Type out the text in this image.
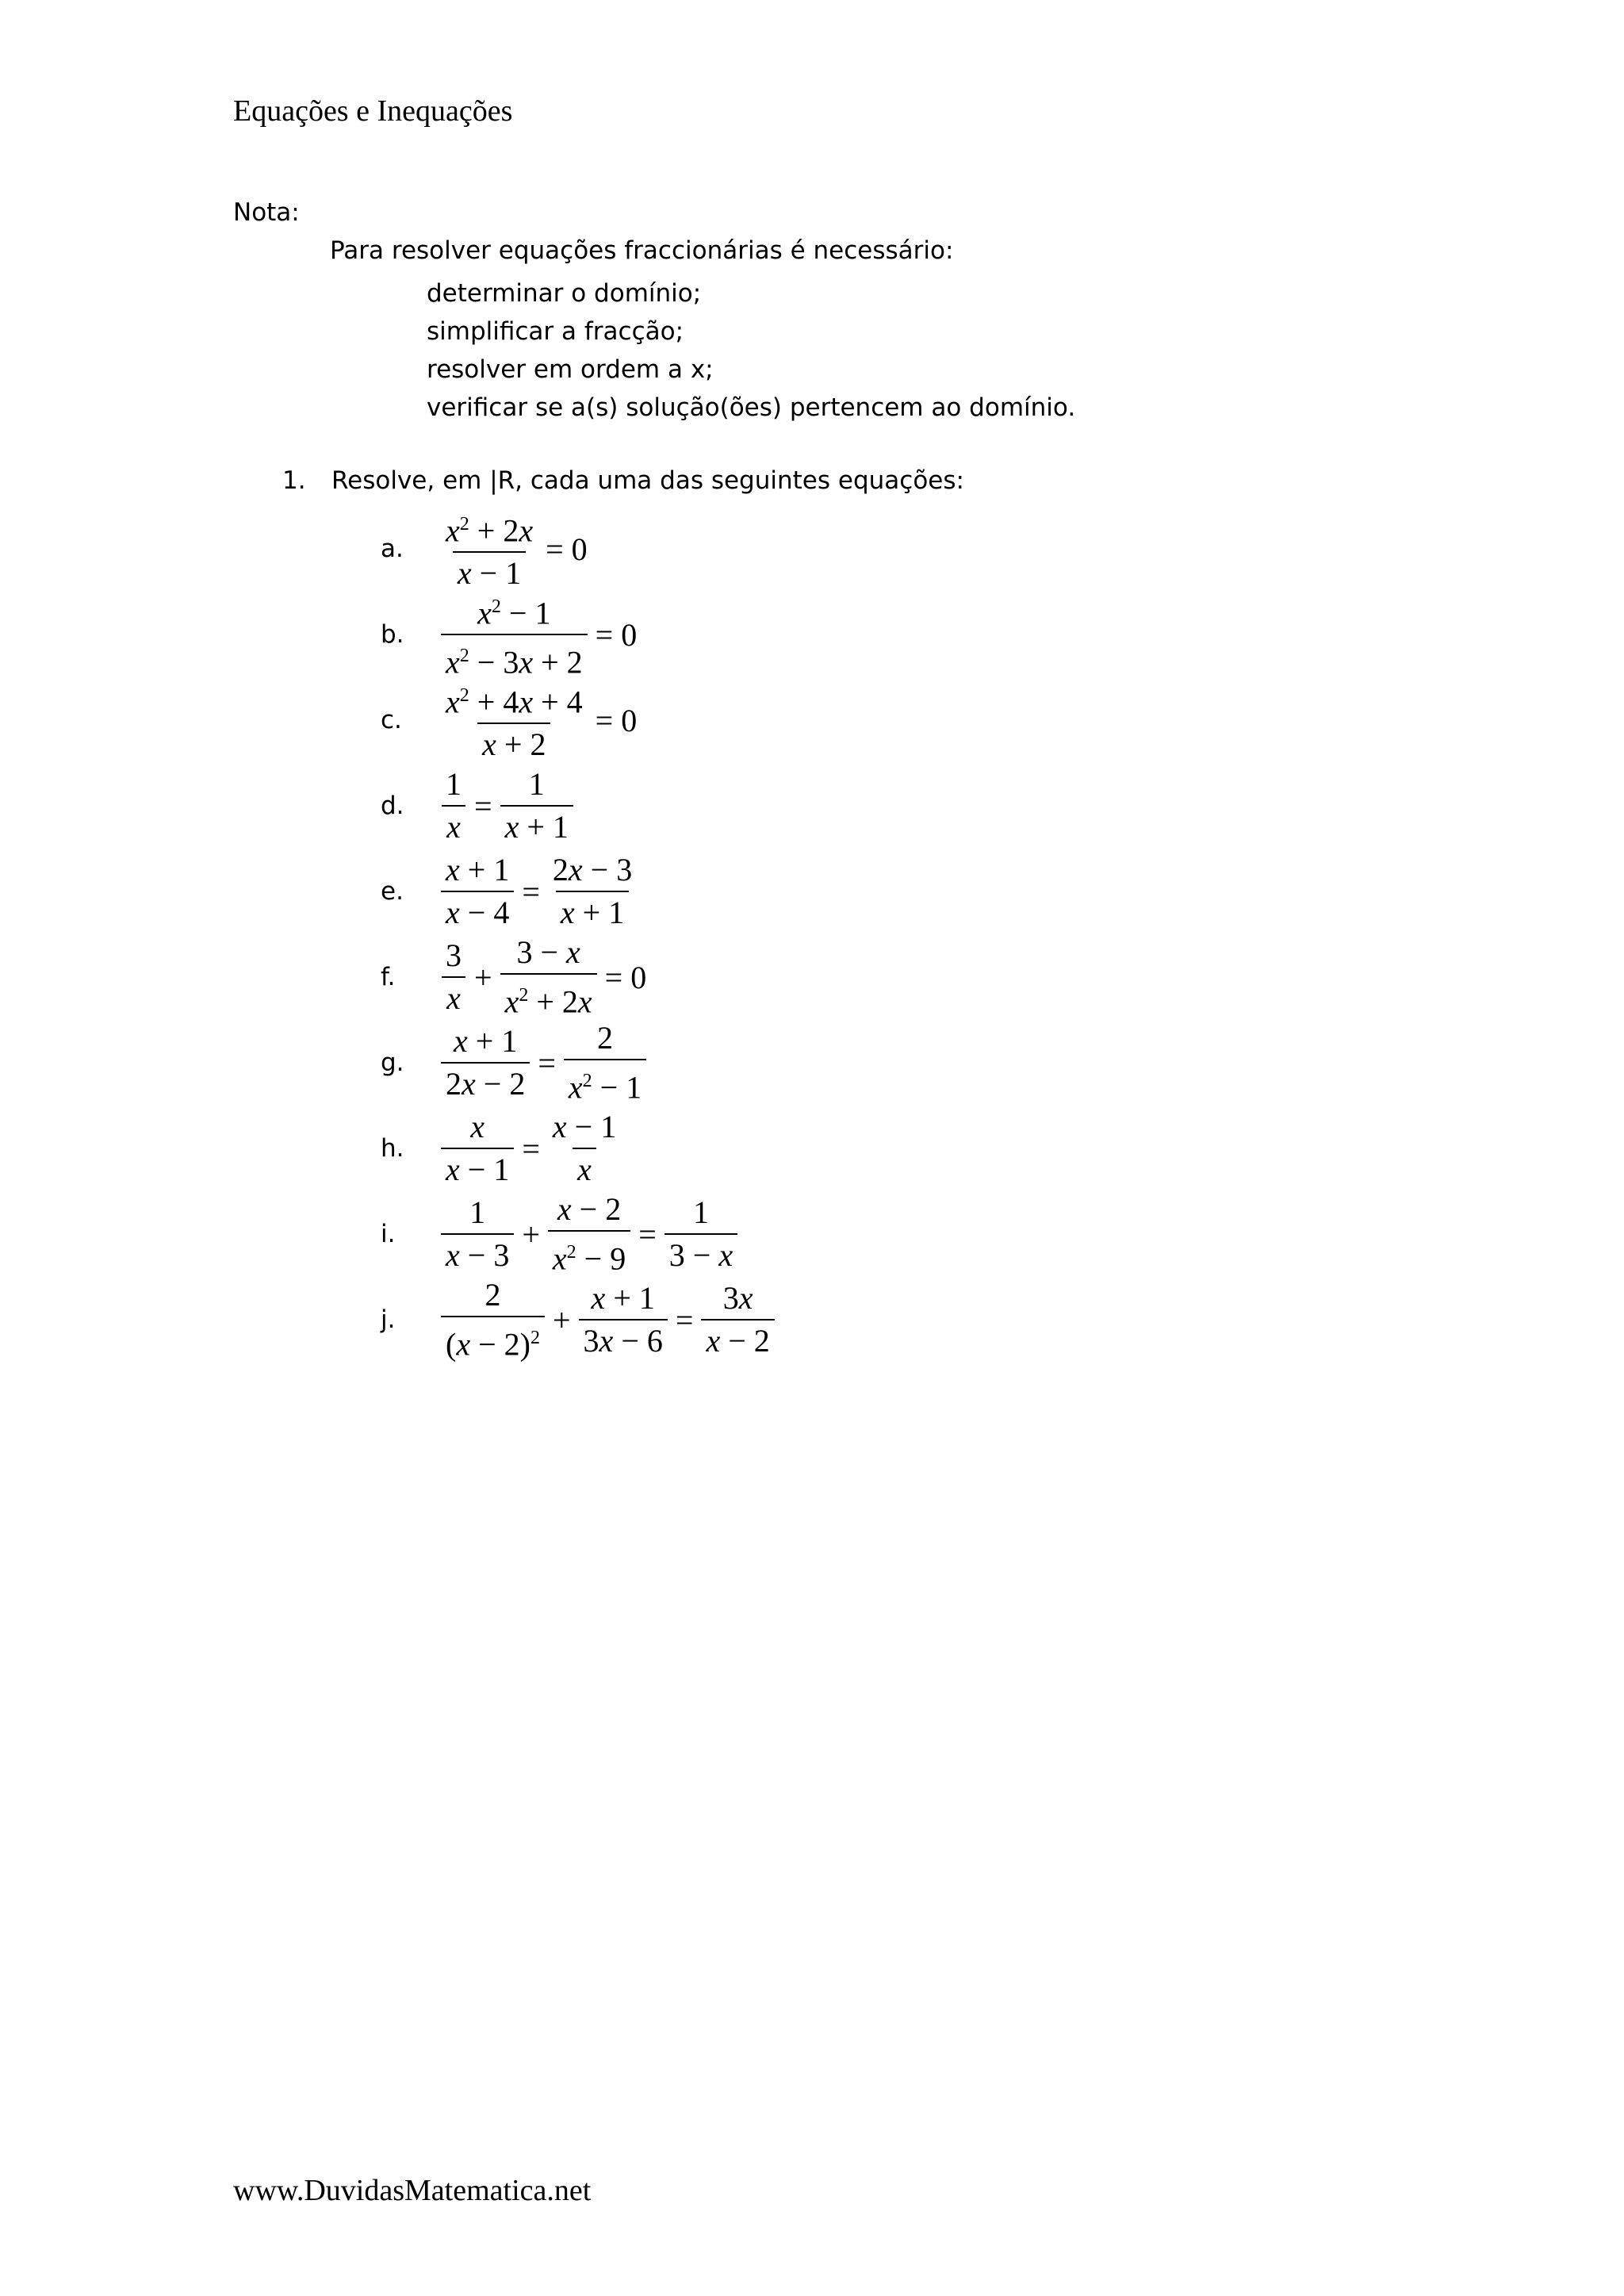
Equações e Inequações
Nota:
Para resolver equações fraccionárias é necessário:
determinar o domínio;
simplificar a fracção;
resolver em ordem a x;
verificar se a(s) solução(ões) pertencem ao domínio.
1. Resolve, em |R, cada uma das seguintes equações:
a.	$\frac{x^2 + 2x}{x - 1} = 0$
b.	$\frac{x^2 - 1}{x^2 - 3x + 2} = 0$
c.	$\frac{x^2 + 4x + 4}{x + 2} = 0$
d.	$\frac{1}{x} = \frac{1}{x + 1}$
e.	$\frac{x + 1}{x - 4} = \frac{2x - 3}{x + 1}$
f.	$\frac{3}{x} + \frac{3 - x}{x^2 + 2x} = 0$
g.	$\frac{x + 1}{2x - 2} = \frac{2}{x^2 - 1}$
h.	$\frac{x}{x - 1} = \frac{x - 1}{x}$
i.	$\frac{1}{x - 3} + \frac{x - 2}{x^2 - 9} = \frac{1}{3 - x}$
j.	$\frac{2}{(x - 2)^2} + \frac{x + 1}{3x - 6} = \frac{3x}{x - 2}$
www.DuvidasMatematica.net
